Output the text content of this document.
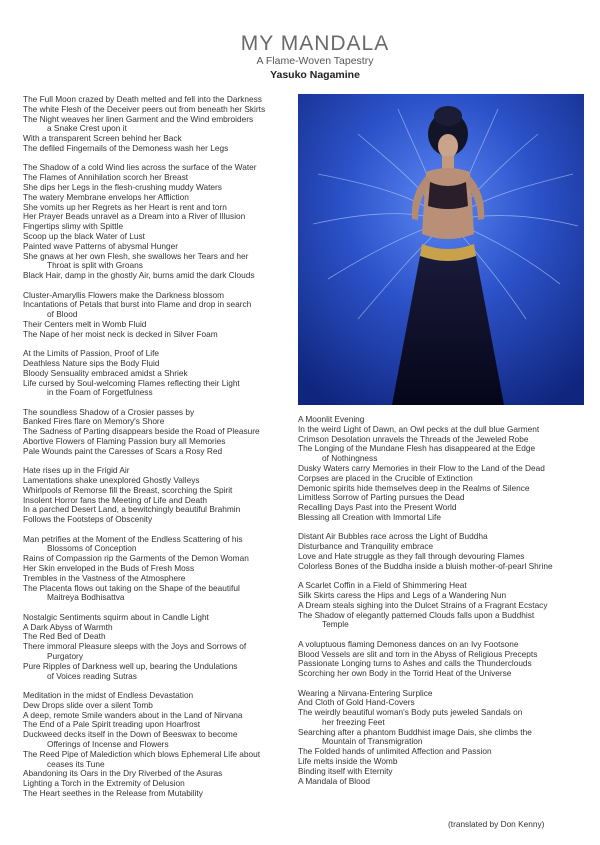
MY MANDALA
A Flame-Woven Tapestry
Yasuko Nagamine
The Full Moon crazed by Death melted and fell into the Darkness
The white Flesh of the Deceiver peers out from beneath her Skirts
The Night weaves her linen Garment and the Wind embroiders
a Snake Crest upon it
With a transparent Screen behind her Back
The defiled Fingernails of the Demoness wash her Legs
The Shadow of a cold Wind lies across the surface of the Water
The Flames of Annihilation scorch her Breast
She dips her Legs in the flesh-crushing muddy Waters
The watery Membrane envelops her Affliction
She vomits up her Regrets as her Heart is rent and torn
Her Prayer Beads unravel as a Dream into a River of Illusion
Fingertips slimy with Spittle
Scoop up the black Water of Lust
Painted wave Patterns of abysmal Hunger
She gnaws at her own Flesh, she swallows her Tears and her
Throat is split with Groans
Black Hair, damp in the ghostly Air, burns amid the dark Clouds
Cluster-Amaryllis Flowers make the Darkness blossom
Incantations of Petals that burst into Flame and drop in search
of Blood
Their Centers melt in Womb Fluid
The Nape of her moist neck is decked in Silver Foam
At the Limits of Passion, Proof of Life
Deathless Nature sips the Body Fluid
Bloody Sensuality embraced amidst a Shriek
Life cursed by Soul-welcoming Flames reflecting their Light
in the Foam of Forgetfulness
The soundless Shadow of a Crosier passes by
Banked Fires flare on Memory's Shore
The Sadness of Parting disappears beside the Road of Pleasure
Abortive Flowers of Flaming Passion bury all Memories
Pale Wounds paint the Caresses of Scars a Rosy Red
Hate rises up in the Frigid Air
Lamentations shake unexplored Ghostly Valleys
Whirlpools of Remorse fill the Breast, scorching the Spirit
Insolent Horror fans the Meeting of Life and Death
In a parched Desert Land, a bewitchingly beautiful Brahmin
Follows the Footsteps of Obscenity
Man petrifies at the Moment of the Endless Scattering of his
Blossoms of Conception
Rains of Compassion rip the Garments of the Demon Woman
Her Skin enveloped in the Buds of Fresh Moss
Trembles in the Vastness of the Atmosphere
The Placenta flows out taking on the Shape of the beautiful
Maitreya Bodhisattva
Nostalgic Sentiments squirm about in Candle Light
A Dark Abyss of Warmth
The Red Bed of Death
There immoral Pleasure sleeps with the Joys and Sorrows of
Purgatory
Pure Ripples of Darkness well up, bearing the Undulations
of Voices reading Sutras
Meditation in the midst of Endless Devastation
Dew Drops slide over a silent Tomb
A deep, remote Smile wanders about in the Land of Nirvana
The End of a Pale Spirit treading upon Hoarfrost
Duckweed decks itself in the Down of Beeswax to become
Offerings of Incense and Flowers
The Reed Pipe of Malediction which blows Ephemeral Life about
ceases its Tune
Abandoning its Oars in the Dry Riverbed of the Asuras
Lighting a Torch in the Extremity of Delusion
The Heart seethes in the Release from Mutability
A Moonlit Evening
In the weird Light of Dawn, an Owl pecks at the dull blue Garment
Crimson Desolation unravels the Threads of the Jeweled Robe
The Longing of the Mundane Flesh has disappeared at the Edge
of Nothingness
Dusky Waters carry Memories in their Flow to the Land of the Dead
Corpses are placed in the Crucible of Extinction
Demonic spirits hide themselves deep in the Realms of Silence
Limitless Sorrow of Parting pursues the Dead
Recalling Days Past into the Present World
Blessing all Creation with Immortal Life
Distant Air Bubbles race across the Light of Buddha
Disturbance and Tranquility embrace
Love and Hate struggle as they fall through devouring Flames
Colorless Bones of the Buddha inside a bluish mother-of-pearl Shrine
A Scarlet Coffin in a Field of Shimmering Heat
Silk Skirts caress the Hips and Legs of a Wandering Nun
A Dream steals sighing into the Dulcet Strains of a Fragrant Ecstacy
The Shadow of elegantly patterned Clouds falls upon a Buddhist
Temple
A voluptuous flaming Demoness dances on an Ivy Footsone
Blood Vessels are slit and torn in the Abyss of Religious Precepts
Passionate Longing turns to Ashes and calls the Thunderclouds
Scorching her own Body in the Torrid Heat of the Universe
Wearing a Nirvana-Entering Surplice
And Cloth of Gold Hand-Covers
The weirdly beautiful woman's Body puts jeweled Sandals on
her freezing Feet
Searching after a phantom Buddhist image Dais, she climbs the
Mountain of Transmigration
The Folded hands of unlimited Affection and Passion
Life melts inside the Womb
Binding itself with Eternity
A Mandala of Blood
(translated by Don Kenny)
